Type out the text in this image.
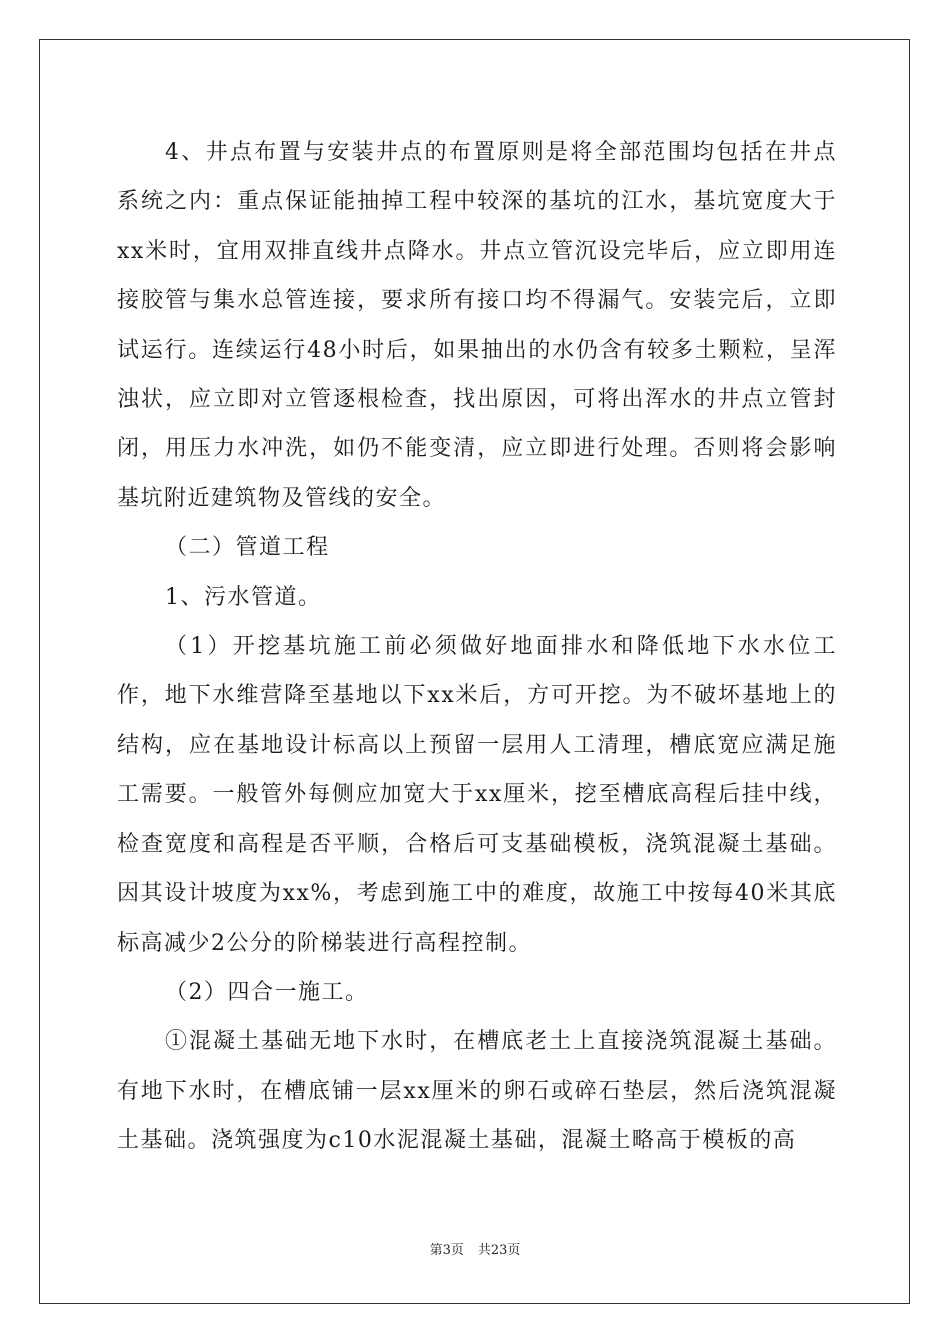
4、井点布置与安装井点的布置原则是将全部范围均包括在井点系统之内：重点保证能抽掉工程中较深的基坑的江水，基坑宽度大于xx米时，宜用双排直线井点降水。井点立管沉设完毕后，应立即用连接胶管与集水总管连接，要求所有接口均不得漏气。安装完后，立即试运行。连续运行48小时后，如果抽出的水仍含有较多土颗粒，呈浑浊状，应立即对立管逐根检查，找出原因，可将出浑水的井点立管封闭，用压力水冲洗，如仍不能变清，应立即进行处理。否则将会影响基坑附近建筑物及管线的安全。

（二）管道工程

1、污水管道。

（1）开挖基坑施工前必须做好地面排水和降低地下水水位工作，地下水维营降至基地以下xx米后，方可开挖。为不破坏基地上的结构，应在基地设计标高以上预留一层用人工清理，槽底宽应满足施工需要。一般管外每侧应加宽大于xx厘米，挖至槽底高程后挂中线，检查宽度和高程是否平顺，合格后可支基础模板，浇筑混凝土基础。因其设计坡度为xx%，考虑到施工中的难度，故施工中按每40米其底标高减少2公分的阶梯装进行高程控制。

（2）四合一施工。

①混凝土基础无地下水时，在槽底老土上直接浇筑混凝土基础。有地下水时，在槽底铺一层xx厘米的卵石或碎石垫层，然后浇筑混凝土基础。浇筑强度为c10水泥混凝土基础，混凝土略高于模板的高

第3页 共23页
